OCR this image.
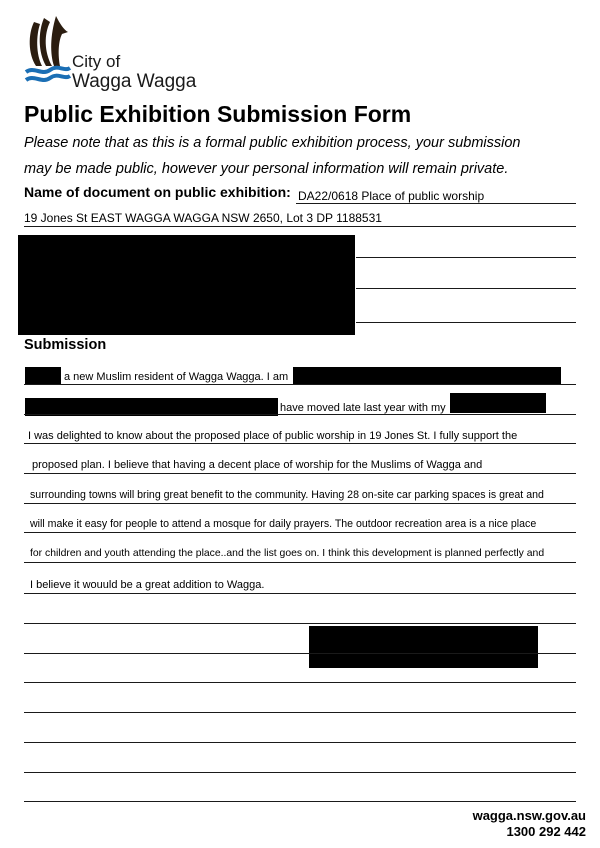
City of
Wagga Wagga
Public Exhibition Submission Form
Please note that as this is a formal public exhibition process, your submission
may be made public, however your personal information will remain private.
Name of document on public exhibition: DA22/0618 Place of public worship
19 Jones St EAST WAGGA WAGGA NSW 2650, Lot 3 DP 1188531
Submission
a new Muslim resident of Wagga Wagga. I am
have moved late last year with my
I was delighted to know about the proposed place of public worship in 19 Jones St. I fully support the
proposed plan. I believe that having a decent place of worship for the Muslims of Wagga and
surrounding towns will bring great benefit to the community. Having 28 on-site car parking spaces is great and
will make it easy for people to attend a mosque for daily prayers. The outdoor recreation area is a nice place
for children and youth attending the place..and the list goes on. I think this development is planned perfectly and
I believe it wouuld be a great addition to Wagga.
wagga.nsw.gov.au
1300 292 442
